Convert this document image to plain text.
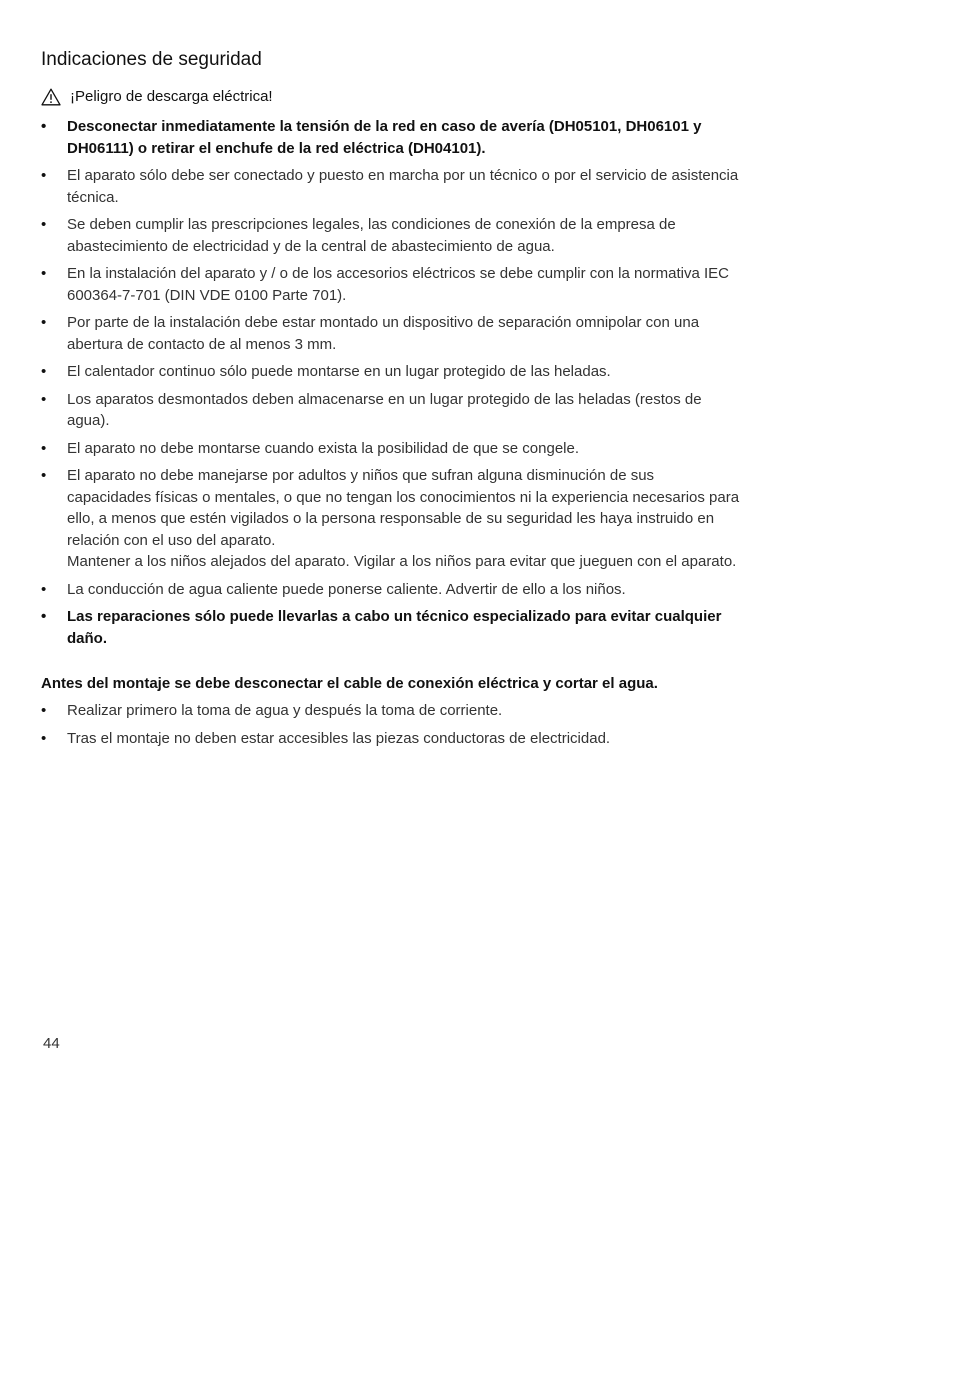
Indicaciones de seguridad
¡Peligro de descarga eléctrica!
•	Desconectar inmediatamente la tensión de la red en caso de avería (DH05101, DH06101 y DH06111) o retirar el enchufe de la red eléctrica (DH04101).
•	El aparato sólo debe ser conectado y puesto en marcha por un técnico o por el servicio de asistencia técnica.
•	Se deben cumplir las prescripciones legales, las condiciones de conexión de la empresa de abastecimiento de electricidad y de la central de abastecimiento de agua.
•	En la instalación del aparato y / o de los accesorios eléctricos se debe cumplir con la normativa IEC 600364-7-701 (DIN VDE 0100 Parte 701).
•	Por parte de la instalación debe estar montado un dispositivo de separación omnipolar con una abertura de contacto de al menos 3 mm.
•	El calentador continuo sólo puede montarse en un lugar protegido de las heladas.
•	Los aparatos desmontados deben almacenarse en un lugar protegido de las heladas (restos de agua).
•	El aparato no debe montarse cuando exista la posibilidad de que se congele.
•	El aparato no debe manejarse por adultos y niños que sufran alguna disminución de sus capacidades físicas o mentales, o que no tengan los conocimientos ni la experiencia necesarios para ello, a menos que estén vigilados o la persona responsable de su seguridad les haya instruido en relación con el uso del aparato.
Mantener a los niños alejados del aparato. Vigilar a los niños para evitar que jueguen con el aparato.
•	La conducción de agua caliente puede ponerse caliente. Advertir de ello a los niños.
•	Las reparaciones sólo puede llevarlas a cabo un técnico especializado para evitar cualquier daño.

Antes del montaje se debe desconectar el cable de conexión eléctrica y cortar el agua.

•	Realizar primero la toma de agua y después la toma de corriente.
•	Tras el montaje no deben estar accesibles las piezas conductoras de electricidad.
44
